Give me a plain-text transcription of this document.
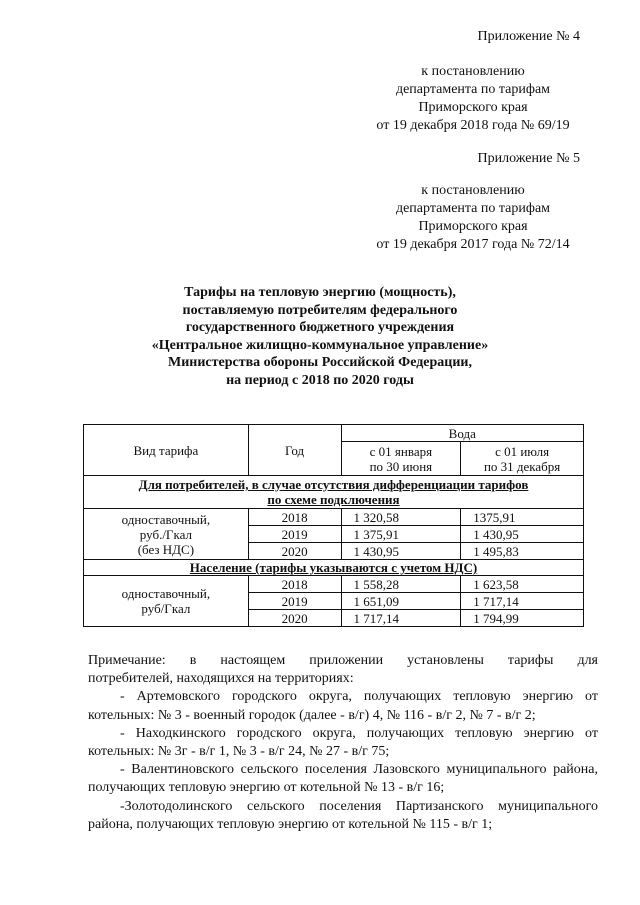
Приложение № 4
к постановлению
департамента по тарифам
Приморского края
от 19 декабря 2018 года № 69/19
Приложение № 5
к постановлению
департамента по тарифам
Приморского края
от 19 декабря 2017 года № 72/14
Тарифы на тепловую энергию (мощность),
поставляемую потребителям федерального
государственного бюджетного учреждения
«Центральное жилищно-коммунальное управление»
Министерства обороны Российской Федерации,
на период с 2018 по 2020 годы
Вид тарифа	Год	Вода	

		с 01 января
по 30 июня	с 01 июля
по 31 декабря

Для потребителей, в случае отсутствия дифференциации тарифов
по схеме подключения			

одноставочный,
руб./Гкал
(без НДС)	2018	1 320,58	1375,91
	2019	1 375,91	1 430,95
	2020	1 430,95	1 495,83
Население (тарифы указываются с учетом НДС)			

одноставочный,
руб/Гкал	2018	1 558,28	1 623,58
	2019	1 651,09	1 717,14
	2020	1 717,14	1 794,99

Примечание:    в    настоящем    приложении    установлены    тарифы    для
потребителей, находящихся на территориях:

- Артемовского городского округа, получающих тепловую энергию от котельных: № 3 - военный городок (далее - в/г) 4, № 116 - в/г 2, № 7 - в/г 2;

- Находкинского городского округа, получающих тепловую энергию от котельных: № 3г - в/г 1, № 3 - в/г 24, № 27 - в/г 75;

- Валентиновского сельского поселения Лазовского муниципального района, получающих тепловую энергию от котельной № 13 - в/г 16;

-Золотодолинского сельского поселения Партизанского муниципального района, получающих тепловую энергию от котельной № 115 - в/г 1;
